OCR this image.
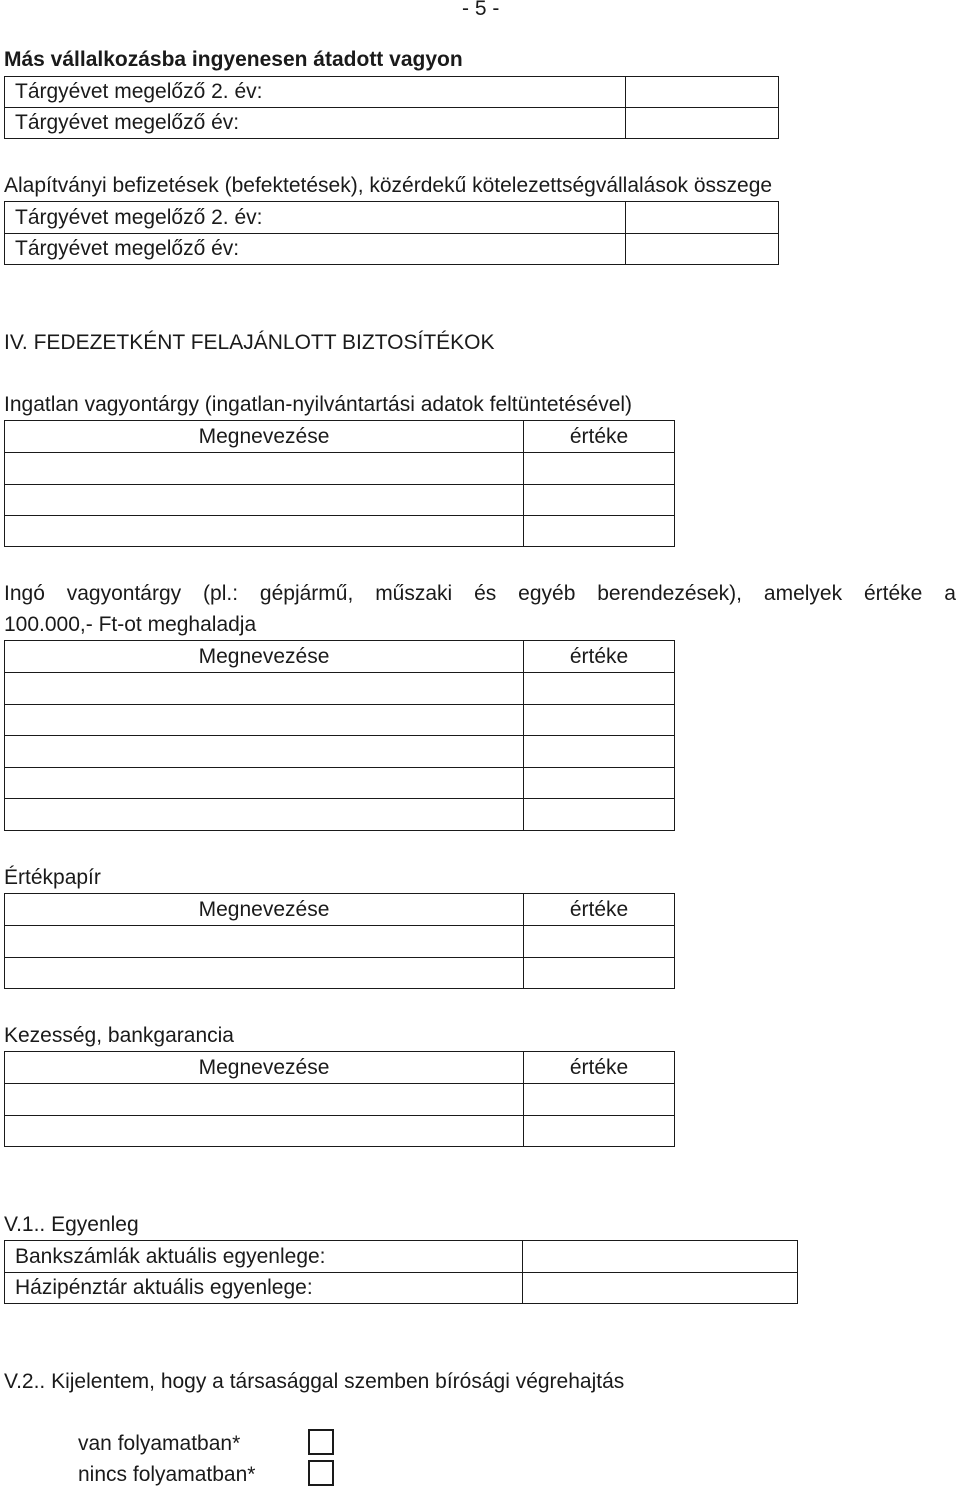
- 5 -
Más vállalkozásba ingyenesen átadott vagyon
Tárgyévet megelőző 2. év:
Tárgyévet megelőző év:
Alapítványi befizetések (befektetések), közérdekű kötelezettségvállalások összege
Tárgyévet megelőző 2. év:
Tárgyévet megelőző év:
IV. FEDEZETKÉNT FELAJÁNLOTT BIZTOSÍTÉKOK
Ingatlan vagyontárgy (ingatlan-nyilvántartási adatok feltüntetésével)
Megnevezése	értéke
Ingó vagyontárgy (pl.: gépjármű, műszaki és egyéb berendezések), amelyek értéke a
100.000,- Ft-ot meghaladja
Megnevezése	értéke
Értékpapír
Megnevezése	értéke
Kezesség, bankgarancia
Megnevezése	értéke
V.1.. Egyenleg
Bankszámlák aktuális egyenlege:
Házipénztár aktuális egyenlege:
V.2.. Kijelentem, hogy a társasággal szemben bírósági végrehajtás
van folyamatban*
nincs folyamatban*
